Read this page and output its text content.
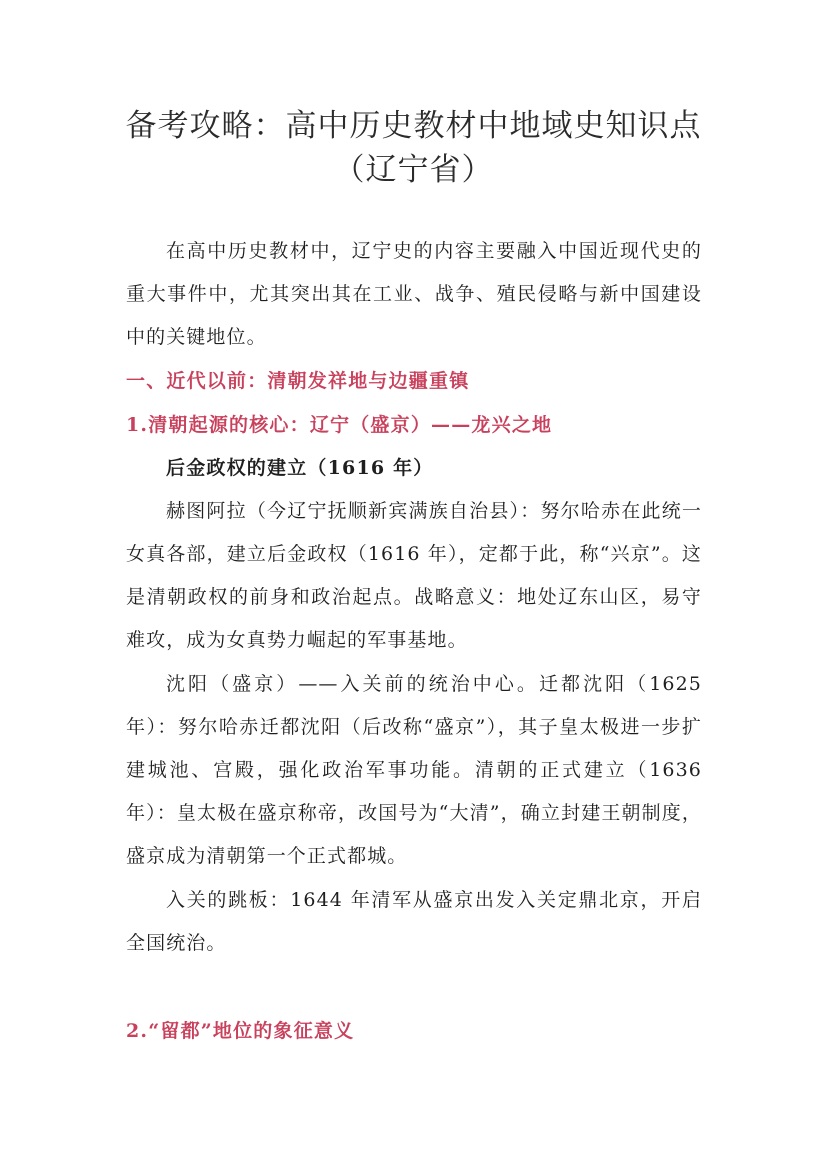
备考攻略：高中历史教材中地域史知识点
（辽宁省）

在高中历史教材中，辽宁史的内容主要融入中国近现代史的重大事件中，尤其突出其在工业、战争、殖民侵略与新中国建设中的关键地位。

一、近代以前：清朝发祥地与边疆重镇

1.清朝起源的核心：辽宁（盛京）——龙兴之地

后金政权的建立（1616 年）

赫图阿拉（今辽宁抚顺新宾满族自治县）：努尔哈赤在此统一女真各部，建立后金政权（1616 年），定都于此，称“兴京”。这是清朝政权的前身和政治起点。战略意义：地处辽东山区，易守难攻，成为女真势力崛起的军事基地。

沈阳（盛京）——入关前的统治中心。迁都沈阳（1625 年）：努尔哈赤迁都沈阳（后改称“盛京”），其子皇太极进一步扩建城池、宫殿，强化政治军事功能。清朝的正式建立（1636 年）：皇太极在盛京称帝，改国号为“大清”，确立封建王朝制度，盛京成为清朝第一个正式都城。

入关的跳板：1644 年清军从盛京出发入关定鼎北京，开启全国统治。

2.“留都”地位的象征意义
